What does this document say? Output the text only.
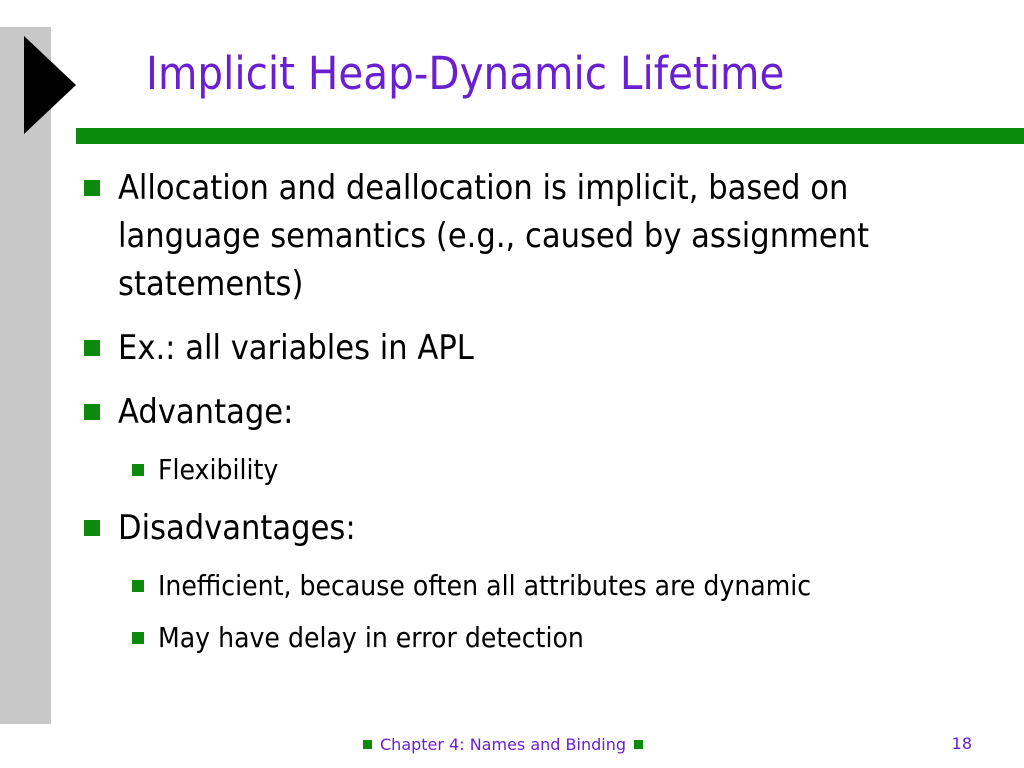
Implicit Heap-Dynamic Lifetime
Allocation and deallocation is implicit, based on language semantics (e.g., caused by assignment statements)
Ex.: all variables in APL
Advantage:
Flexibility
Disadvantages:
Inefficient, because often all attributes are dynamic
May have delay in error detection
Chapter 4: Names and Binding	18
